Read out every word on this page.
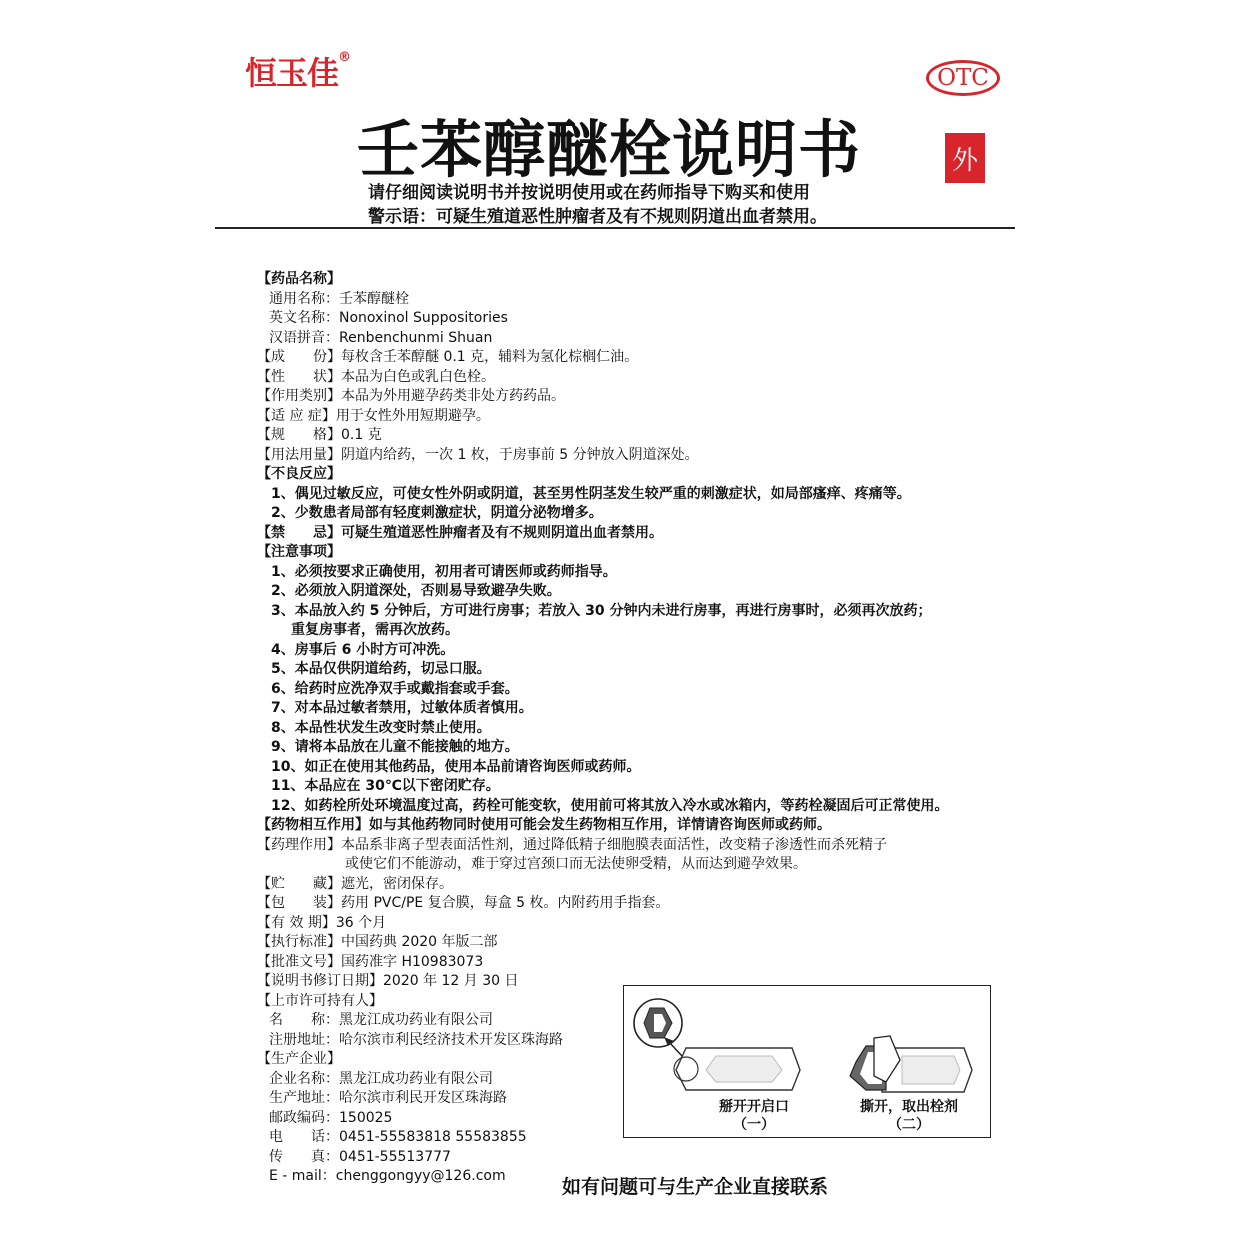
恒玉佳®
OTC
外
壬苯醇醚栓说明书
请仔细阅读说明书并按说明使用或在药师指导下购买和使用
警示语：可疑生殖道恶性肿瘤者及有不规则阴道出血者禁用。
【药品名称】
通用名称：壬苯醇醚栓
英文名称：Nonoxinol Suppositories
汉语拼音：Renbenchunmi Shuan
【成　　份】每枚含壬苯醇醚 0.1 克，辅料为氢化棕榈仁油。
【性　　状】本品为白色或乳白色栓。
【作用类别】本品为外用避孕药类非处方药药品。
【适 应 症】用于女性外用短期避孕。
【规　　格】0.1 克
【用法用量】阴道内给药，一次 1 枚，于房事前 5 分钟放入阴道深处。
【不良反应】
1、偶见过敏反应，可使女性外阴或阴道，甚至男性阴茎发生较严重的刺激症状，如局部瘙痒、疼痛等。
2、少数患者局部有轻度刺激症状，阴道分泌物增多。
【禁　　忌】可疑生殖道恶性肿瘤者及有不规则阴道出血者禁用。
【注意事项】
1、必须按要求正确使用，初用者可请医师或药师指导。
2、必须放入阴道深处，否则易导致避孕失败。
3、本品放入约 5 分钟后，方可进行房事；若放入 30 分钟内未进行房事，再进行房事时，必须再次放药；
重复房事者，需再次放药。
4、房事后 6 小时方可冲洗。
5、本品仅供阴道给药，切忌口服。
6、给药时应洗净双手或戴指套或手套。
7、对本品过敏者禁用，过敏体质者慎用。
8、本品性状发生改变时禁止使用。
9、请将本品放在儿童不能接触的地方。
10、如正在使用其他药品，使用本品前请咨询医师或药师。
11、本品应在 30℃以下密闭贮存。
12、如药栓所处环境温度过高，药栓可能变软，使用前可将其放入冷水或冰箱内，等药栓凝固后可正常使用。
【药物相互作用】如与其他药物同时使用可能会发生药物相互作用，详情请咨询医师或药师。
【药理作用】本品系非离子型表面活性剂，通过降低精子细胞膜表面活性，改变精子渗透性而杀死精子
或使它们不能游动，难于穿过宫颈口而无法使卵受精，从而达到避孕效果。
【贮　　藏】遮光，密闭保存。
【包　　装】药用 PVC/PE 复合膜，每盒 5 枚。内附药用手指套。
【有 效 期】36 个月
【执行标准】中国药典 2020 年版二部
【批准文号】国药准字 H10983073
【说明书修订日期】2020 年 12 月 30 日
【上市许可持有人】
名　　称：黑龙江成功药业有限公司
注册地址：哈尔滨市利民经济技术开发区珠海路
【生产企业】
企业名称：黑龙江成功药业有限公司
生产地址：哈尔滨市利民开发区珠海路
邮政编码：150025
电　　话：0451-55583818 55583855
传　　真：0451-55513777
E - mail：chenggongyy@126.com
掰开开启口
（一）
撕开，取出栓剂
（二）
如有问题可与生产企业直接联系
